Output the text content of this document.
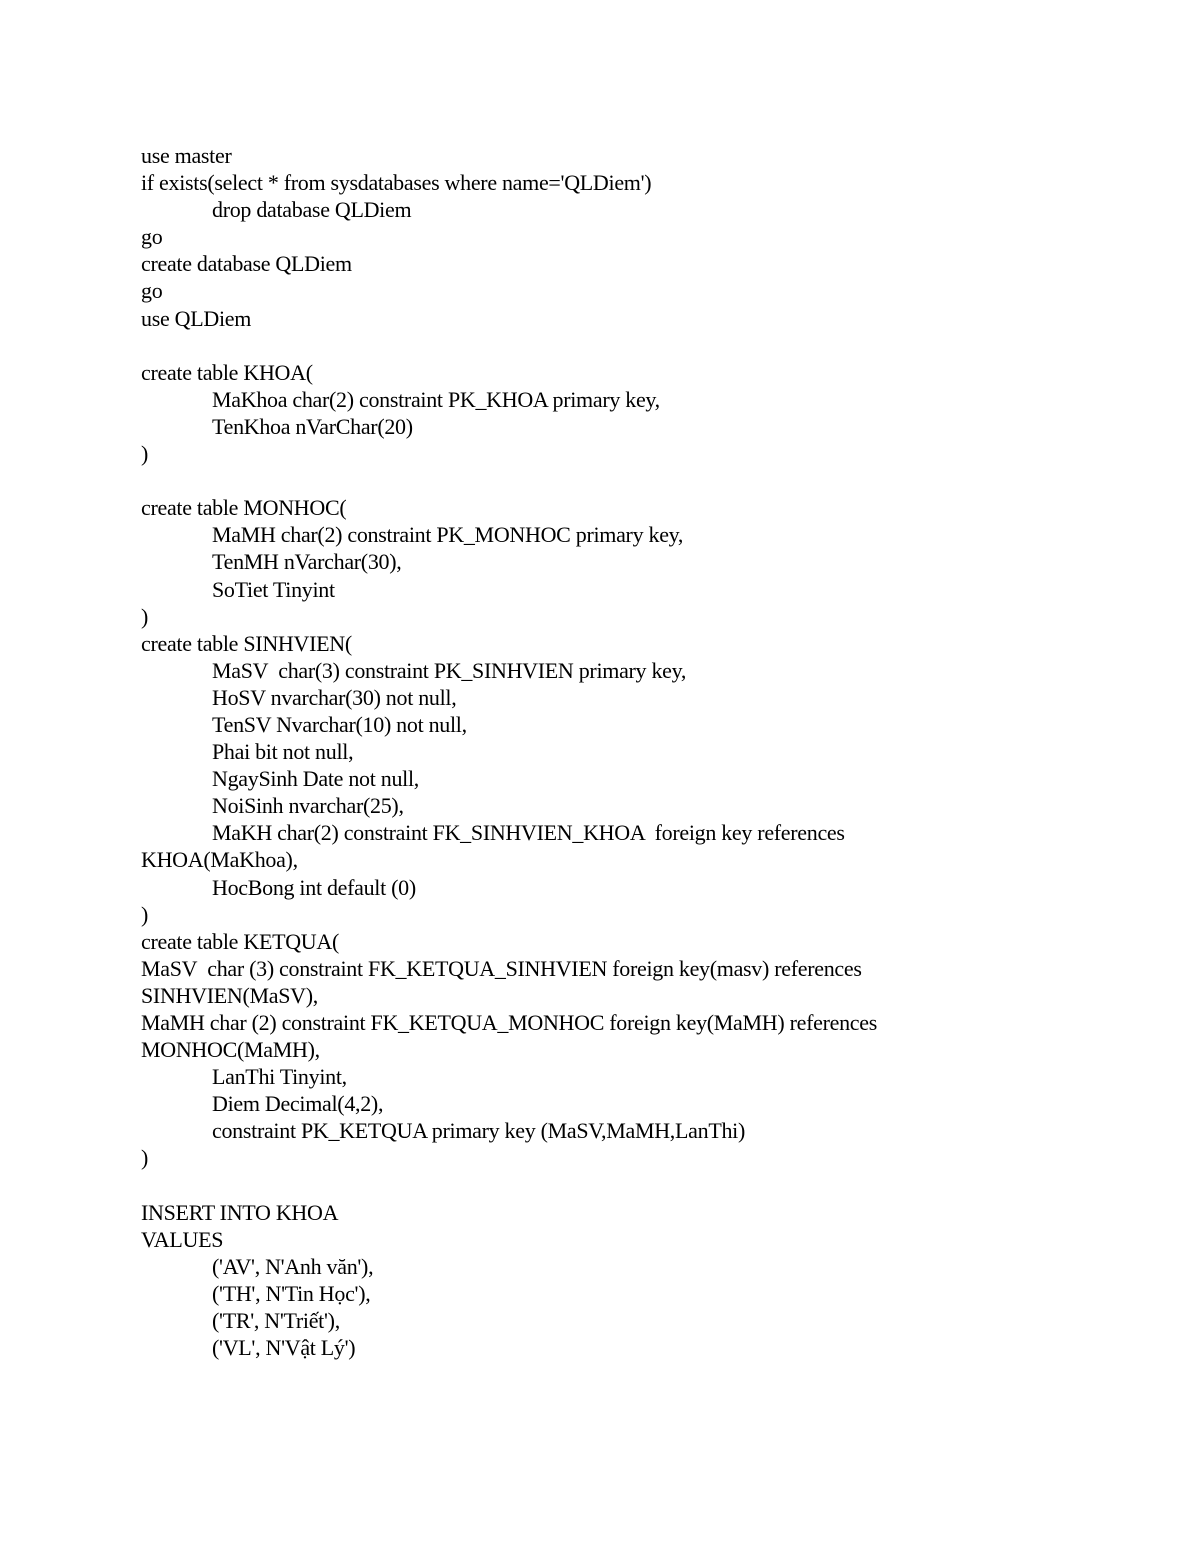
use master
if exists(select * from sysdatabases where name='QLDiem')
drop database QLDiem
go
create database QLDiem
go
use QLDiem
create table KHOA(
MaKhoa char(2) constraint PK_KHOA primary key,
TenKhoa nVarChar(20)
)
create table MONHOC(
MaMH char(2) constraint PK_MONHOC primary key,
TenMH nVarchar(30),
SoTiet Tinyint
)
create table SINHVIEN(
MaSV  char(3) constraint PK_SINHVIEN primary key,
HoSV nvarchar(30) not null,
TenSV Nvarchar(10) not null,
Phai bit not null,
NgaySinh Date not null,
NoiSinh nvarchar(25),
MaKH char(2) constraint FK_SINHVIEN_KHOA  foreign key references
KHOA(MaKhoa),
HocBong int default (0)
)
create table KETQUA(
MaSV  char (3) constraint FK_KETQUA_SINHVIEN foreign key(masv) references
SINHVIEN(MaSV),
MaMH char (2) constraint FK_KETQUA_MONHOC foreign key(MaMH) references
MONHOC(MaMH),
LanThi Tinyint,
Diem Decimal(4,2),
constraint PK_KETQUA primary key (MaSV,MaMH,LanThi)
)
INSERT INTO KHOA
VALUES
('AV', N'Anh văn'),
('TH', N'Tin Học'),
('TR', N'Triết'),
('VL', N'Vật Lý')
